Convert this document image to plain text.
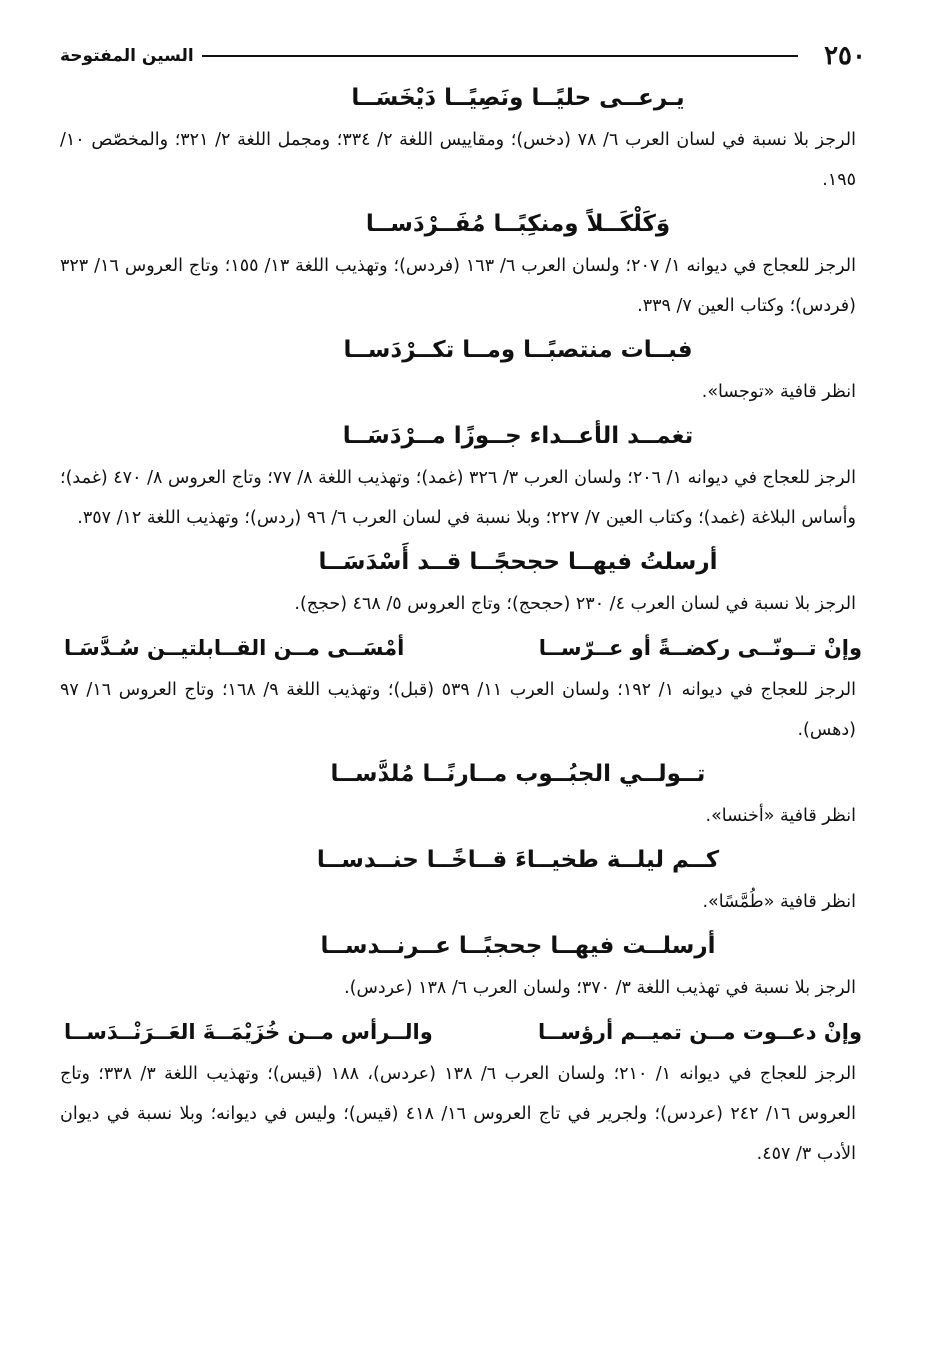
٢٥٠
السين المفتوحة
يـرعــى حليًــا ونَصِيًــا دَيْخَسَــا

الرجز بلا نسبة في لسان العرب ٦/ ٧٨ (دخس)؛ ومقاييس اللغة ٢/ ٣٣٤؛ ومجمل اللغة ٢/ ٣٢١؛ والمخصّص ١٠/ ١٩٥.

وَكَلْكَــلاً ومنكِبًــا مُفَــرْدَســا

الرجز للعجاج في ديوانه ١/ ٢٠٧؛ ولسان العرب ٦/ ١٦٣ (فردس)؛ وتهذيب اللغة ١٣/ ١٥٥؛ وتاج العروس ١٦/ ٣٢٣ (فردس)؛ وكتاب العين ٧/ ٣٣٩.

فبــات منتصبًــا ومــا تكــرْدَســا

انظر قافية «توجسا».

تغمــد الأعــداء جــوزًا مــرْدَسَــا

الرجز للعجاج في ديوانه ١/ ٢٠٦؛ ولسان العرب ٣/ ٣٢٦ (غمد)؛ وتهذيب اللغة ٨/ ٧٧؛ وتاج العروس ٨/ ٤٧٠ (غمد)؛ وأساس البلاغة (غمد)؛ وكتاب العين ٧/ ٢٢٧؛ وبلا نسبة في لسان العرب ٦/ ٩٦ (ردس)؛ وتهذيب اللغة ١٢/ ٣٥٧.

أرسلتُ فيهــا حجحجًــا قــد أَسْدَسَــا

الرجز بلا نسبة في لسان العرب ٤/ ٢٣٠ (حجحج)؛ وتاج العروس ٥/ ٤٦٨ (حجج).

وإنْ تــونّــى ركضــةً أو عــرّســا
أمْسَــى مــن القــابلتيــن سُـدَّسَـا

الرجز للعجاج في ديوانه ١/ ١٩٢؛ ولسان العرب ١١/ ٥٣٩ (قبل)؛ وتهذيب اللغة ٩/ ١٦٨؛ وتاج العروس ١٦/ ٩٧ (دهس).

تــولــي الجبُــوب مــارنًــا مُلدَّســا

انظر قافية «أخنسا».

كــم ليلــة طخيــاءَ قــاخًــا حنــدســا

انظر قافية «طُمَّسًا».

أرسلــت فيهــا جحجبًــا عــرنــدســا

الرجز بلا نسبة في تهذيب اللغة ٣/ ٣٧٠؛ ولسان العرب ٦/ ١٣٨ (عردس).

وإنْ دعــوت مــن تميــم أرؤســا
والــرأس مــن خُزَيْمَــةَ العَــرَنْــدَســا

الرجز للعجاج في ديوانه ١/ ٢١٠؛ ولسان العرب ٦/ ١٣٨ (عردس)، ١٨٨ (قيس)؛ وتهذيب اللغة ٣/ ٣٣٨؛ وتاج العروس ١٦/ ٢٤٢ (عردس)؛ ولجرير في تاج العروس ١٦/ ٤١٨ (قيس)؛ وليس في ديوانه؛ وبلا نسبة في ديوان الأدب ٣/ ٤٥٧.
